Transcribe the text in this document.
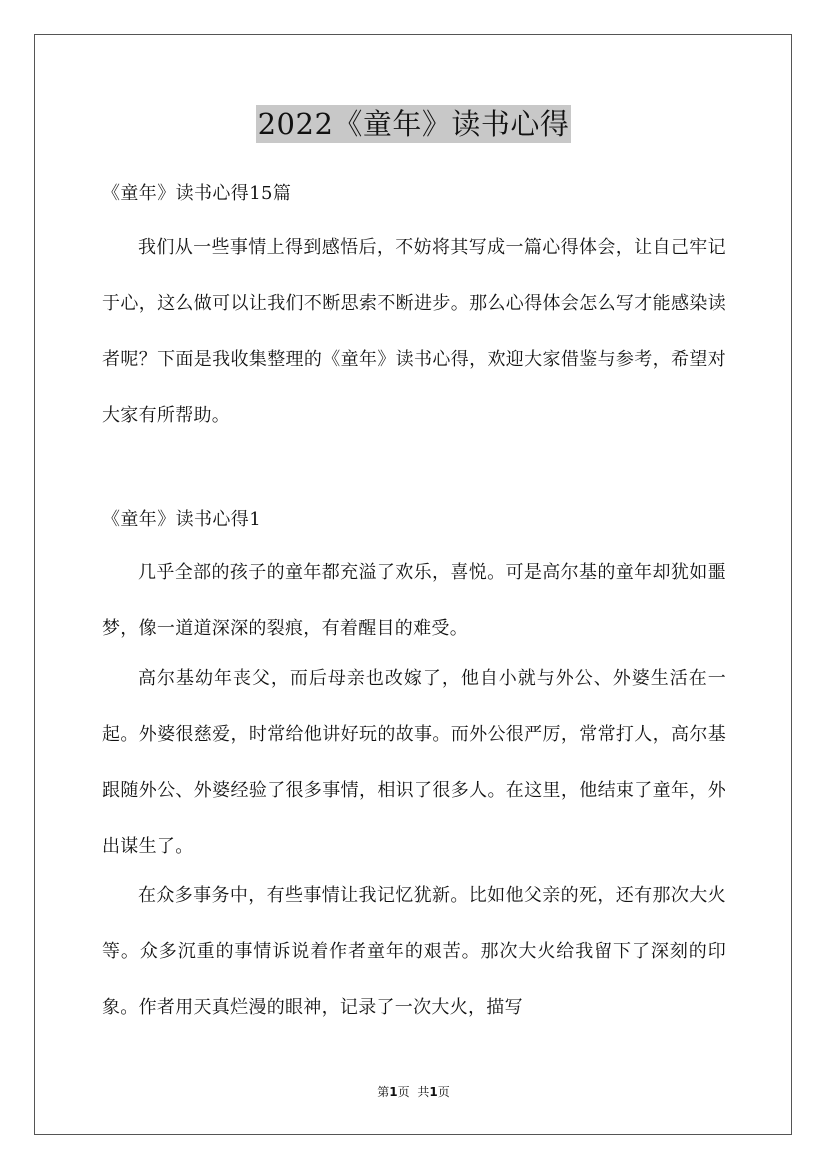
2022《童年》读书心得

《童年》读书心得15篇

我们从一些事情上得到感悟后，不妨将其写成一篇心得体会，让自己牢记于心，这么做可以让我们不断思索不断进步。那么心得体会怎么写才能感染读者呢？下面是我收集整理的《童年》读书心得，欢迎大家借鉴与参考，希望对大家有所帮助。

《童年》读书心得1

几乎全部的孩子的童年都充溢了欢乐，喜悦。可是高尔基的童年却犹如噩梦，像一道道深深的裂痕，有着醒目的难受。

高尔基幼年丧父，而后母亲也改嫁了，他自小就与外公、外婆生活在一起。外婆很慈爱，时常给他讲好玩的故事。而外公很严厉，常常打人，高尔基跟随外公、外婆经验了很多事情，相识了很多人。在这里，他结束了童年，外出谋生了。

在众多事务中，有些事情让我记忆犹新。比如他父亲的死，还有那次大火等。众多沉重的事情诉说着作者童年的艰苦。那次大火给我留下了深刻的印象。作者用天真烂漫的眼神，记录了一次大火，描写

第1页 共1页
